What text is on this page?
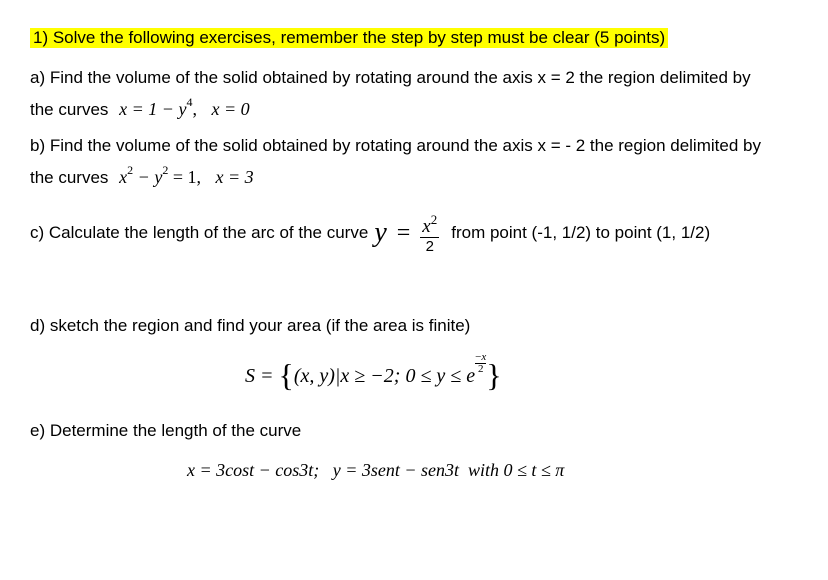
1) Solve the following exercises, remember the step by step must be clear (5 points)
a) Find the volume of the solid obtained by rotating around the axis x = 2 the region delimited by
the curves $x = 1 - y^4$, x = 0
b) Find the volume of the solid obtained by rotating around the axis x = - 2 the region delimited by
the curves $x^2 - y^2 = 1$, x = 3
c) Calculate the length of the arc of the curve $y = \frac{x^2}{2}$ from point (-1, 1/2) to point (1, 1/2)
d) sketch the region and find your area (if the area is finite)
S = {(x, y)|x ≥ −2; 0 ≤ y ≤ e
$\frac{-x}{2}$ }
e) Determine the length of the curve
x = 3cost − cos3t;   y = 3sent − sen3t  with 0 ≤ t ≤ π
